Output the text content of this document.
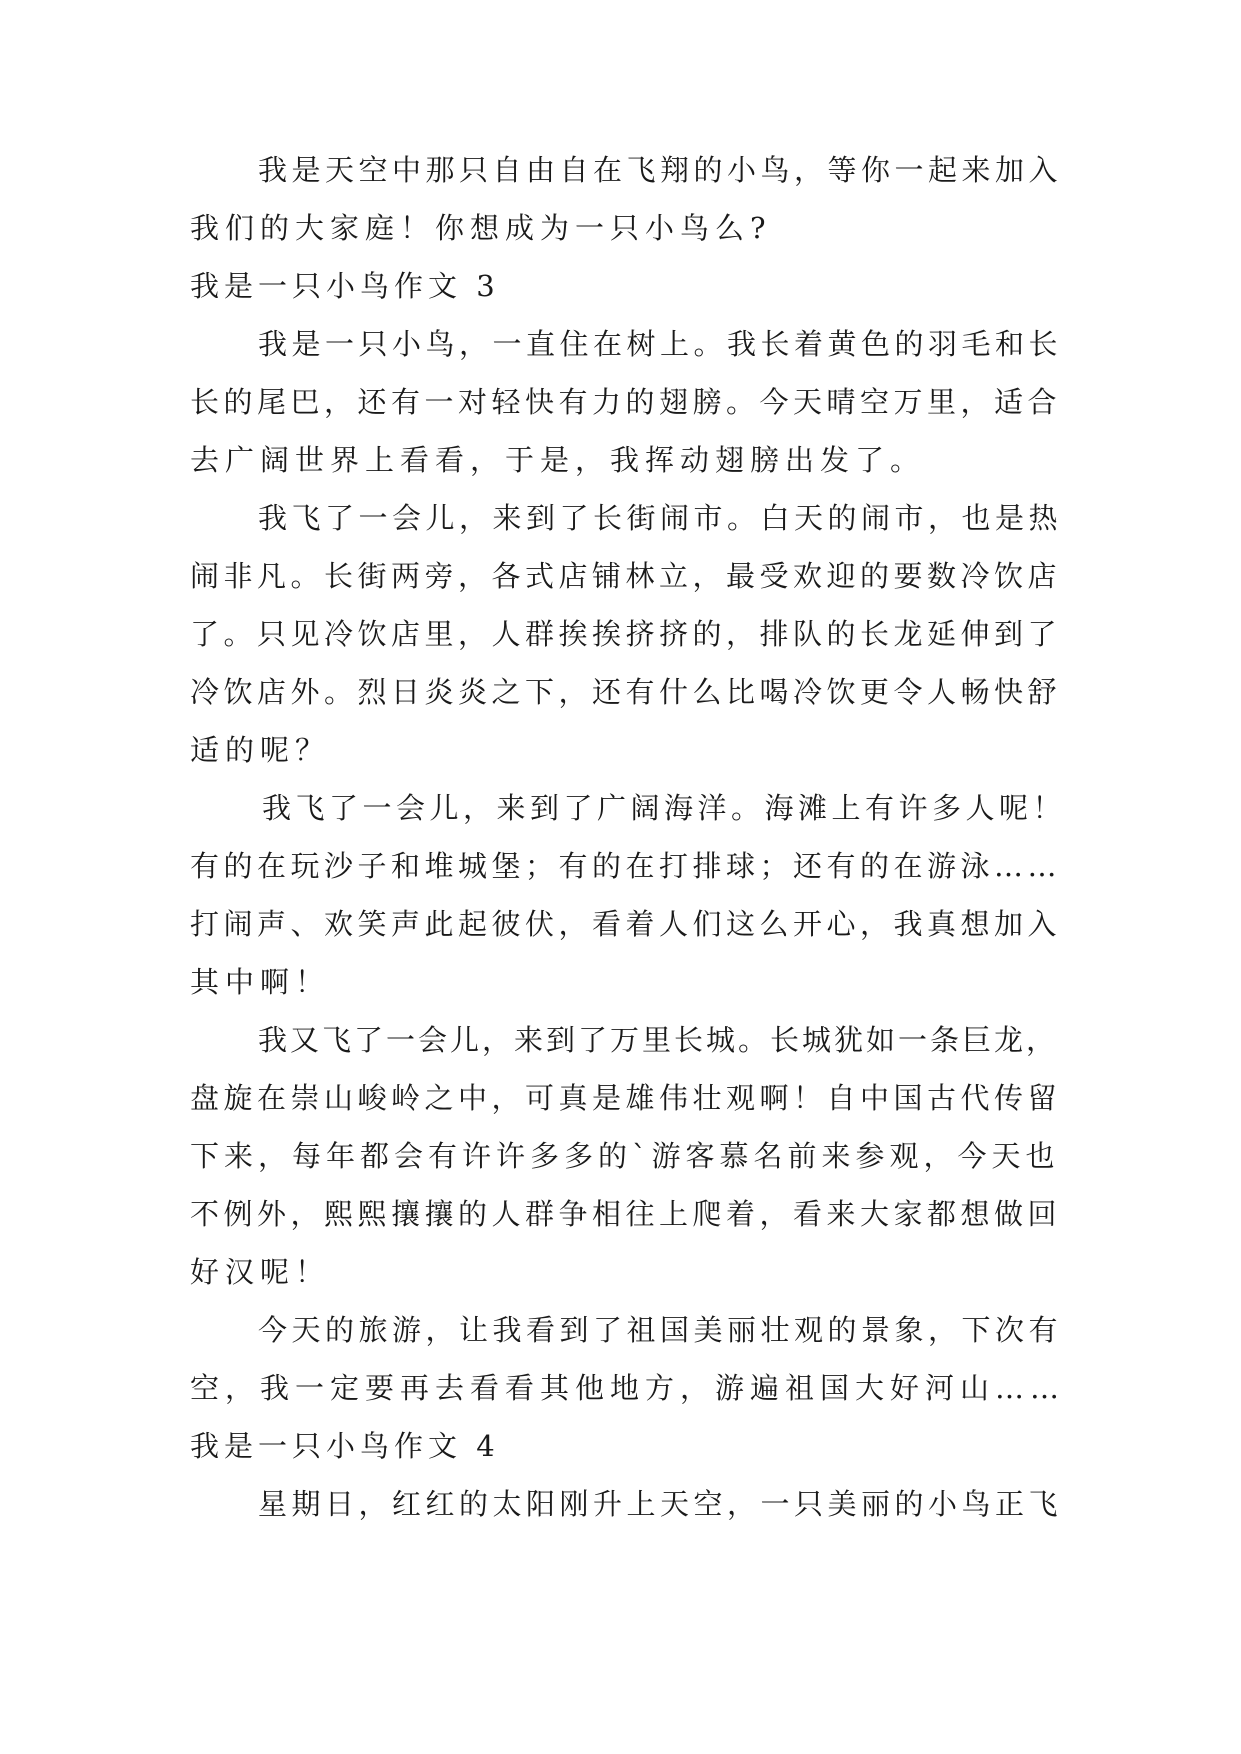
我是天空中那只自由自在飞翔的小鸟，等你一起来加入
我们的大家庭！你想成为一只小鸟么?
我是一只小鸟作文 3
我是一只小鸟，一直住在树上。我长着黄色的羽毛和长
长的尾巴，还有一对轻快有力的翅膀。今天晴空万里，适合
去广阔世界上看看，于是，我挥动翅膀出发了。
我飞了一会儿，来到了长街闹市。白天的闹市，也是热
闹非凡。长街两旁，各式店铺林立，最受欢迎的要数冷饮店
了。只见冷饮店里，人群挨挨挤挤的，排队的长龙延伸到了
冷饮店外。烈日炎炎之下，还有什么比喝冷饮更令人畅快舒
适的呢？
我飞了一会儿，来到了广阔海洋。海滩上有许多人呢！
有的在玩沙子和堆城堡；有的在打排球；还有的在游泳……
打闹声、欢笑声此起彼伏，看着人们这么开心，我真想加入
其中啊！
我又飞了一会儿，来到了万里长城。长城犹如一条巨龙，
盘旋在崇山峻岭之中，可真是雄伟壮观啊！自中国古代传留
下来，每年都会有许许多多的`游客慕名前来参观，今天也
不例外，熙熙攘攘的人群争相往上爬着，看来大家都想做回
好汉呢！
今天的旅游，让我看到了祖国美丽壮观的景象，下次有
空，我一定要再去看看其他地方，游遍祖国大好河山……
我是一只小鸟作文 4
星期日，红红的太阳刚升上天空，一只美丽的小鸟正飞
